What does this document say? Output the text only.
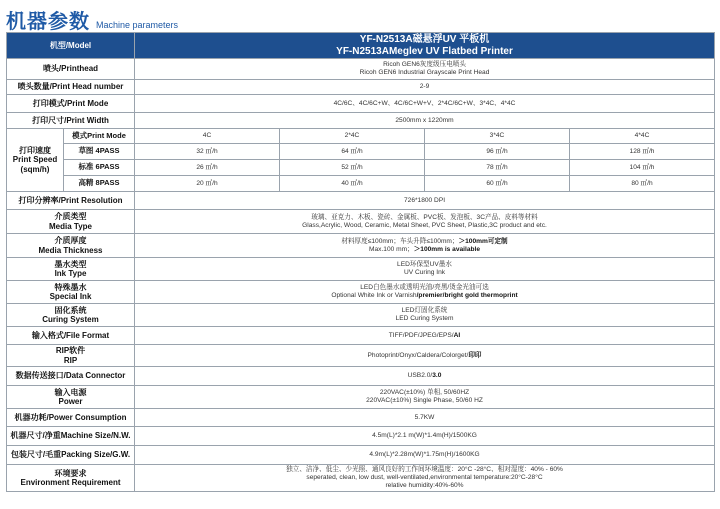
机器参数 Machine parameters
机型/Model		YF-N2513A磁悬浮UV 平板机
YF-N2513AMeglev UV Flatbed Printer			

喷头/Printhead		Ricoh GEN6灰度级压电喷头
Ricoh GEN6 Industrial Grayscale Print Head			

喷头数量/Print Head number		2-9			
打印模式/Print Mode		4C/6C、4C/6C+W、4C/6C+W+V、2*4C/6C+W、3*4C、4*4C			
打印尺寸/Print Width		2500mm x 1220mm			

打印速度
Print Speed
(sqm/h)	模式Print Mode	4C	2*4C	3*4C	4*4C
	草图 4PASS	32 ㎡/h	64 ㎡/h	96 ㎡/h	128 ㎡/h
	标准 6PASS	26 ㎡/h	52 ㎡/h	78 ㎡/h	104 ㎡/h
	高精 8PASS	20 ㎡/h	40 ㎡/h	60 ㎡/h	80 ㎡/h
打印分辨率/Print Resolution		726*1800 DPI			

介质类型
Media Type		玻璃、亚克力、木板、瓷砖、金属板、PVC板、发泡板、3C产品、皮料等材料
Glass,Acrylic, Wood, Ceramic, Metal Sheet, PVC Sheet, Plastic,3C product and etc.			

介质厚度
Media Thickness		材料厚度≤100mm；车头升降≤100mm；＞100mm可定制
Max.100 mm；＞100mm is available			

墨水类型
Ink Type		LED环保型UV墨水
UV Curing Ink			

特殊墨水
Special Ink		LED白色墨水或透明光油/亮黑/烫金光油可选
Optional White Ink or Varnish/premier/bright gold thermoprint			

固化系统
Curing System		LED灯固化系统
LED Curing System			

输入格式/File Format		TIFF/PDF/JPEG/EPS/AI			

RIP软件
RIP		Photoprint/Onyx/Caldera/Colorget/印印			
数据传送接口/Data Connector		USB2.0/3.0			

输入电源
Power		220VAC(±10%) 单相, 50/60HZ
220VAC(±10%) Single Phase, 50/60 HZ			

机器功耗/Power Consumption		5.7KW			
机器尺寸/净重Machine Size/N.W.		4.5m(L)*2.1 m(W)*1.4m(H)/1500KG			
包装尺寸/毛重Packing Size/G.W.		4.9m(L)*2.28m(W)*1.75m(H)/1600KG			

环境要求
Environment Requirement		独立、洁净、低尘、少光照、通风良好的工作间环境温度：20°C -28°C、相对湿度：40% - 60%
seperated, clean, low dust, well-ventilated,environmental temperature:20°C-28°C
relative humidity:40%-60%			
